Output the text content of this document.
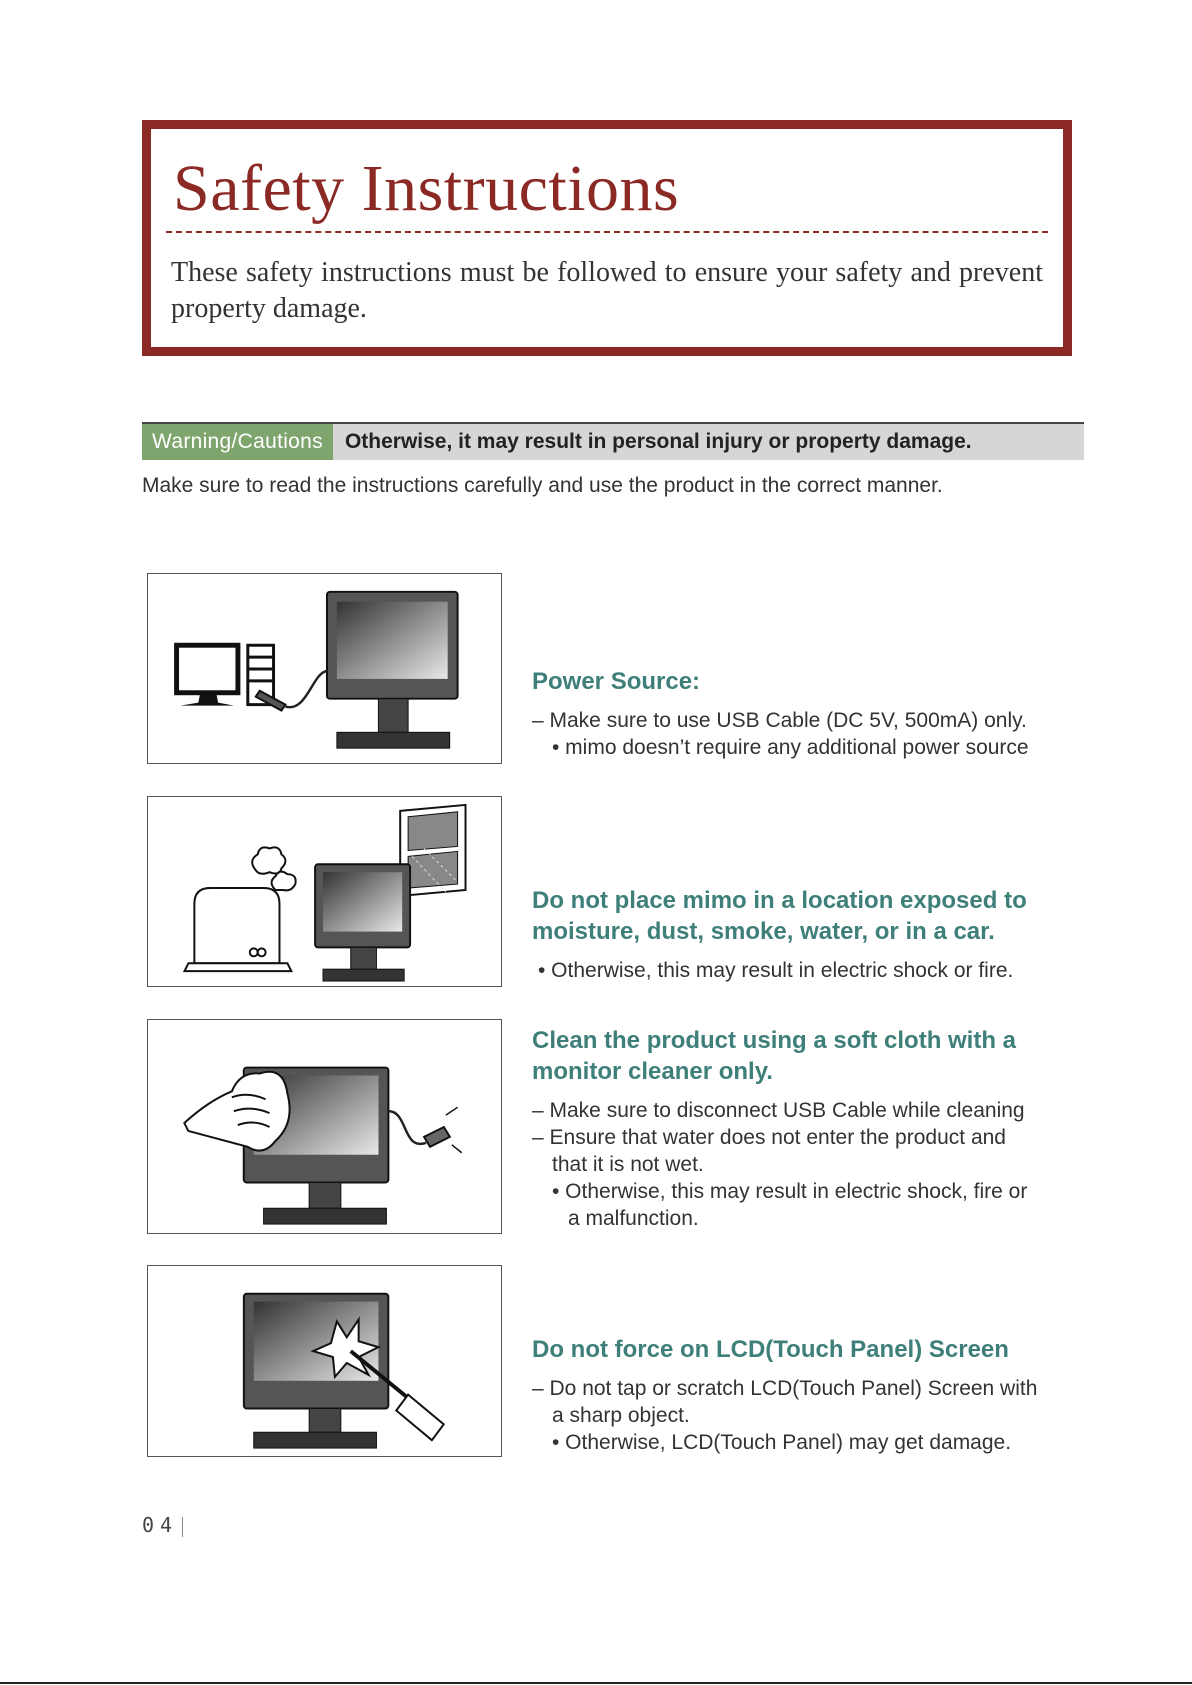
Safety Instructions

These safety instructions must be followed to ensure your safety and prevent property damage.

Warning/Cautions	Otherwise, it may result in personal injury or property damage.

Make sure to read the instructions carefully and use the product in the correct manner.

Power Source:
– Make sure to use USB Cable (DC 5V, 500mA) only.
• mimo doesn’t require any additional power source
Do not place mimo in a location exposed to
moisture, dust, smoke, water, or in a car.
• Otherwise, this may result in electric shock or fire.
Clean the product using a soft cloth with a
monitor cleaner only.
– Make sure to disconnect USB Cable while cleaning
– Ensure that water does not enter the product and
that it is not wet.
• Otherwise, this may result in electric shock, fire or
a malfunction.
Do not force on LCD(Touch Panel) Screen
– Do not tap or scratch LCD(Touch Panel) Screen with
a sharp object.
• Otherwise, LCD(Touch Panel) may get damage.
04
